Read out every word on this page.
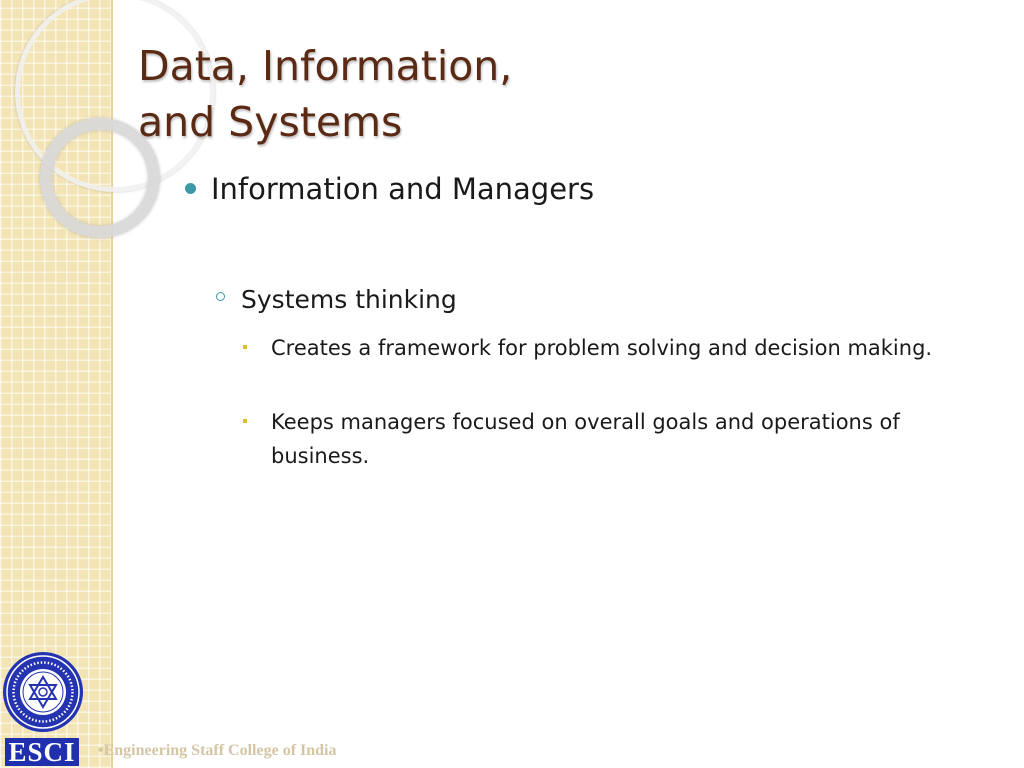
Data, Information,
and Systems
Information and Managers
Systems thinking
Creates a framework for problem solving and decision making.
Keeps managers focused on overall goals and operations of business.
ESCI •Engineering Staff College of India
